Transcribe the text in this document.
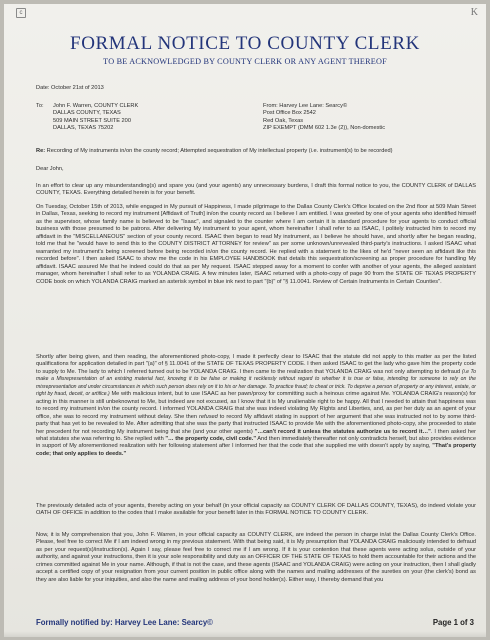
c	K
FORMAL NOTICE TO COUNTY CLERK
TO BE ACKNOWLEDGED BY COUNTY CLERK OR ANY AGENT THEREOF
Date: October 21st of 2013
To: John F. Warren, COUNTY CLERK
DALLAS COUNTY, TEXAS
509 MAIN STREET SUITE 200
DALLAS, TEXAS 75202
From: Harvey Lee Lane: Searcy©
Post Office Box 2542
Red Oak, Texas
ZIP EXEMPT (DMM 602 1.3e (2)), Non-domestic
Re: Recording of My instruments in/on the county record; Attempted sequestration of My intellectual property (i.e. instrument(s) to be recorded)
Dear John,
In an effort to clear up any misunderstanding(s) and spare you (and your agents) any unnecessary burdens, I draft this formal notice to you, the COUNTY CLERK of DALLAS COUNTY, TEXAS. Everything detailed herein is for your benefit.
On Tuesday, October 15th of 2013, while engaged in My pursuit of Happiness, I made pilgrimage to the Dallas County Clerk's Office located on the 2nd floor at 509 Main Street in Dallas, Texas, seeking to record my instrument [Affidavit of Truth] in/on the county record as I believe I am entitled. I was greeted by one of your agents who identified himself as the supervisor, whose family name is believed to be "Isaac", and signaled to the counter where I am certain it is standard procedure for your agents to conduct official business with those presumed to be patrons. After delivering My instrument to your agent, whom hereinafter I shall refer to as ISAAC, I politely instructed him to record my affidavit in the "MISCELLANEOUS" section of your county record. ISAAC then began to read My instrument, as I believe he should have, and shortly after he began reading, told me that he "would have to send this to the COUNTY DISTRICT ATTORNEY for review" as per some unknown/unrevealed third-party's instructions. I asked ISAAC what warranted my instrument's being screened before being recorded in/on the county record. He replied with a statement to the likes of he'd "never seen an affidavit like this recorded before". I then asked ISAAC to show me the code in his EMPLOYEE HANDBOOK that details this sequestration/screening as proper procedure for handling My affidavit. ISAAC assured Me that he indeed could do that as per My request. ISAAC stepped away for a moment to confer with another of your agents, the alleged assistant manager, whom hereinafter I shall refer to as YOLANDA CRAIG. A few minutes later, ISAAC returned with a photo-copy of page 90 from the STATE OF TEXAS PROPERTY CODE book on which YOLANDA CRAIG marked an asterisk symbol in blue ink next to part "(b)" of "§ 11.0041. Review of Certain Instruments in Certain Counties".
Shortly after being given, and then reading, the aforementioned photo-copy, I made it perfectly clear to ISAAC that the statute did not apply to this matter as per the listed qualifications for application detailed in part "(a)" of § 11.0041 of the STATE OF TEXAS PROPERTY CODE. I then asked ISAAC to get the lady who gave him the property code to supply to Me. The lady to which I referred turned out to be YOLANDA CRAIG. I then came to the realization that YOLANDA CRAIG was not only attempting to defraud (i.e To make a Misrepresentation of an existing material fact, knowing it to be false or making it recklessly without regard to whether it is true or false, intending for someone to rely on the misrepresentation and under circumstances in which such person does rely on it to his or her damage. To practice fraud; to cheat or trick. To deprive a person of property or any interest, estate, or right by fraud, deceit, or artifice.) Me with malicious intent, but to use ISAAC as her pawn/proxy for committing such a heinous crime against Me. YOLANDA CRAIG's reason(s) for acting in this manner is still unbeknownst to Me, but indeed are not excused, as I know that it is My unalienable right to be happy. All that I needed to attain that happiness was to record my instrument in/on the county record. I informed YOLANDA CRAIG that she was indeed violating My Rights and Liberties, and, as per her duty as an agent of your office, she was to record my instrument without delay. She then refused to record My affidavit stating in support of her argument that she was instructed not to by some third-party that has yet to be revealed to Me. After admitting that she was the party that instructed ISAAC to provide Me with the aforementioned photo-copy, she proceeded to state her precedent for not recording My instrument being that she (and your other agents) "…can't record it unless the statutes authorize us to record it…". I then asked her what statutes she was referring to. She replied with "… the property code, civil code." And then immediately thereafter not only contradicts herself, but also provides evidence in support of My aforementioned realization with her following statement after I informed her that the code that she supplied me with doesn't apply by saying, "That's property code; that only applies to deeds."
The previously detailed acts of your agents, thereby acting on your behalf (in your official capacity as COUNTY CLERK OF DALLAS COUNTY, TEXAS), do indeed violate your OATH OF OFFICE in addition to the codes that I make available for your benefit later in this FORMAL NOTICE TO COUNTY CLERK.
Now, it is My comprehension that you, John F. Warren, in your official capacity as COUNTY CLERK, are indeed the person in charge in/at the Dallas County Clerk's Office. Please, feel free to correct Me if I am indeed wrong in my previous statement. With that being said, it is My presumption that YOLANDA CRAIG maliciously intended to defraud as per your request(s)/instruction(s). Again I say, please feel free to correct me if I am wrong. If it is your contention that these agents were acting solus, outside of your authority, and against your instructions, then it is your sole responsibility and duty as an OFFICER OF THE STATE OF TEXAS to hold them accountable for their actions and the crimes committed against Me in your name. Although, if that is not the case, and these agents (ISAAC and YOLANDA CRAIG) were acting on your instruction, then I shall gladly accept a certified copy of your resignation from your current position in public office along with the names and mailing addresses of the sureties on your (the clerk's) bond as they are also liable for your iniquities, and also the name and mailing address of your bond holder(s). Either way, I thereby demand that you
Formally notified by: Harvey Lee Lane: Searcy©	Page 1 of 3
